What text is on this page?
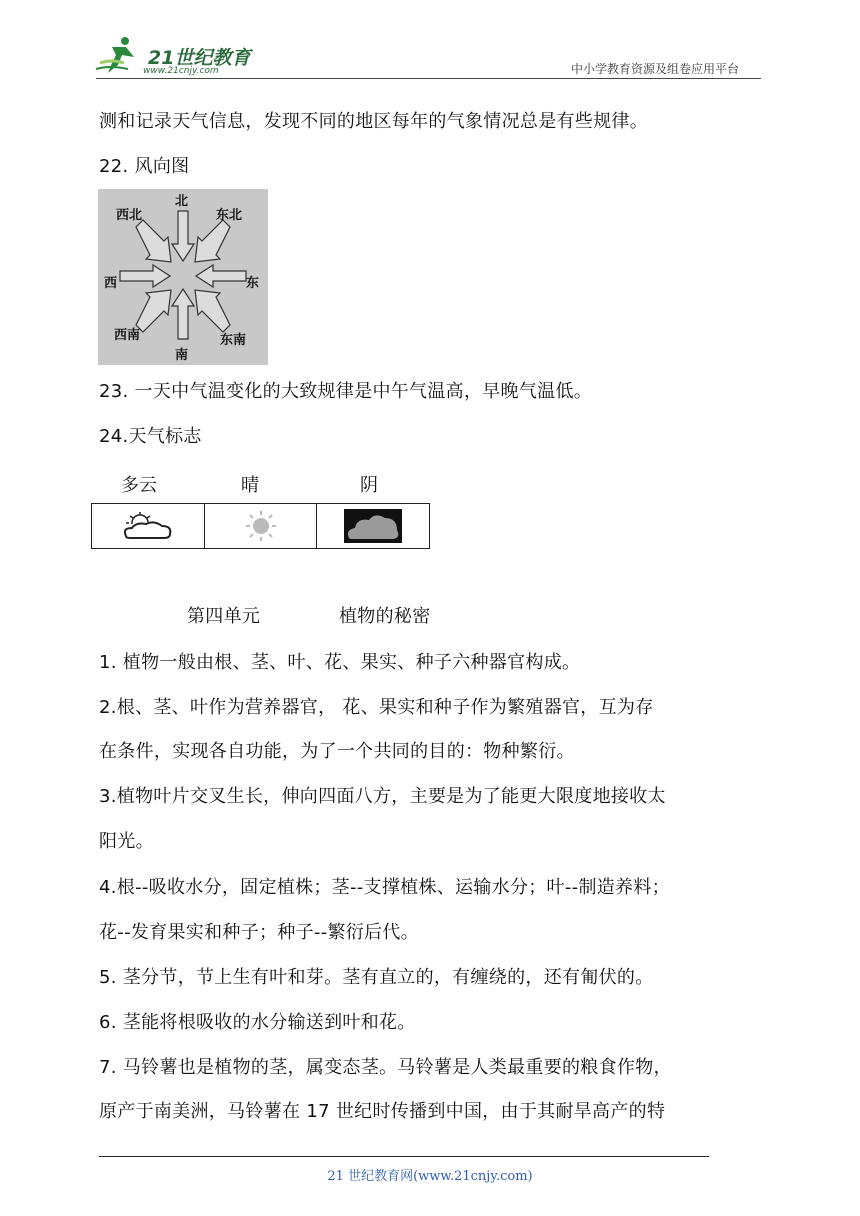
21世纪教育
www.21cnjy.com	中小学教育资源及组卷应用平台
测和记录天气信息，发现不同的地区每年的气象情况总是有些规律。
22. 风向图
北
东北
东
东南
南
西南
西
西北
23. 一天中气温变化的大致规律是中午气温高，早晚气温低。
24.天气标志
多云	晴	阴
第四单元	植物的秘密
1. 植物一般由根、茎、叶、花、果实、种子六种器官构成。
2.根、茎、叶作为营养器官， 花、果实和种子作为繁殖器官，互为存
在条件，实现各自功能，为了一个共同的目的：物种繁衍。
3.植物叶片交叉生长，伸向四面八方，主要是为了能更大限度地接收太
阳光。
4.根--吸收水分，固定植株；茎--支撑植株、运输水分；叶--制造养料；
花--发育果实和种子；种子--繁衍后代。
5. 茎分节，节上生有叶和芽。茎有直立的，有缠绕的，还有匍伏的。
6. 茎能将根吸收的水分输送到叶和花。
7. 马铃薯也是植物的茎，属变态茎。马铃薯是人类最重要的粮食作物，
原产于南美洲，马铃薯在 17 世纪时传播到中国，由于其耐旱高产的特
21 世纪教育网(www.21cnjy.com)
